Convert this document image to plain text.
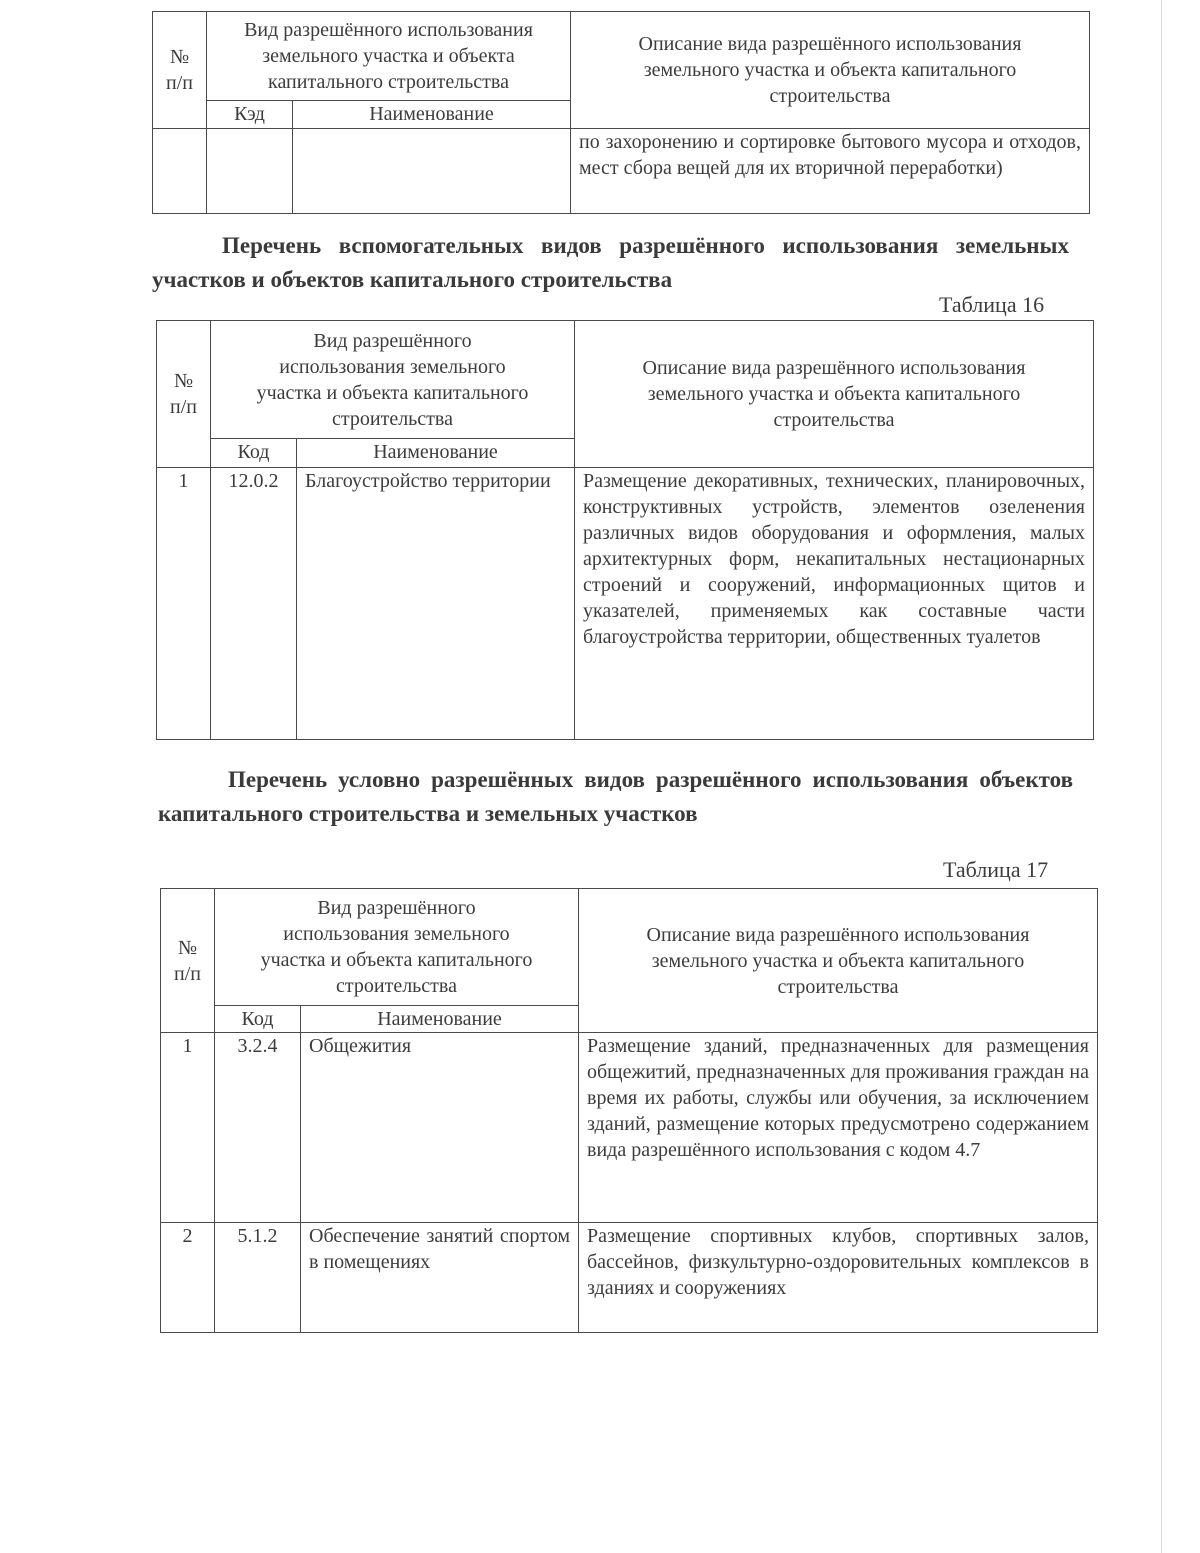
№
п/п	Вид разрешённого использования земельного участка и объекта капитального строительства		Описание вида разрешённого использования земельного участка и объекта капитального строительства
	Кэд	Наименование	
			по захоронению и сортировке бытового мусора и отходов, мест сбора вещей для их вторичной переработки)
Перечень вспомогательных видов разрешённого использования земельных участков и объектов капитального строительства
Таблица 16
№
п/п	Вид разрешённого
использования земельного
участка и объекта капитального
строительства		Описание вида разрешённого использования земельного участка и объекта капитального строительства
	Код	Наименование	
1	12.0.2	Благоустройство территории	Размещение декоративных, технических, планировочных, конструктивных устройств, элементов озеленения различных видов оборудования и оформления, малых архитектурных форм, некапитальных нестационарных строений и сооружений, информационных щитов и указателей, применяемых как составные части благоустройства территории, общественных туалетов
Перечень условно разрешённых видов разрешённого использования объектов капитального строительства и земельных участков
Таблица 17
№
п/п	Вид разрешённого
использования земельного
участка и объекта капитального
строительства		Описание вида разрешённого использования земельного участка и объекта капитального строительства
	Код	Наименование	
1	3.2.4	Общежития	Размещение зданий, предназначенных для размещения общежитий, предназначенных для проживания граждан на время их работы, службы или обучения, за исключением зданий, размещение которых предусмотрено содержанием вида разрешённого использования с кодом 4.7
2	5.1.2	Обеспечение занятий спортом в помещениях	Размещение спортивных клубов, спортивных залов, бассейнов, физкультурно-оздоровительных комплексов в зданиях и сооружениях
